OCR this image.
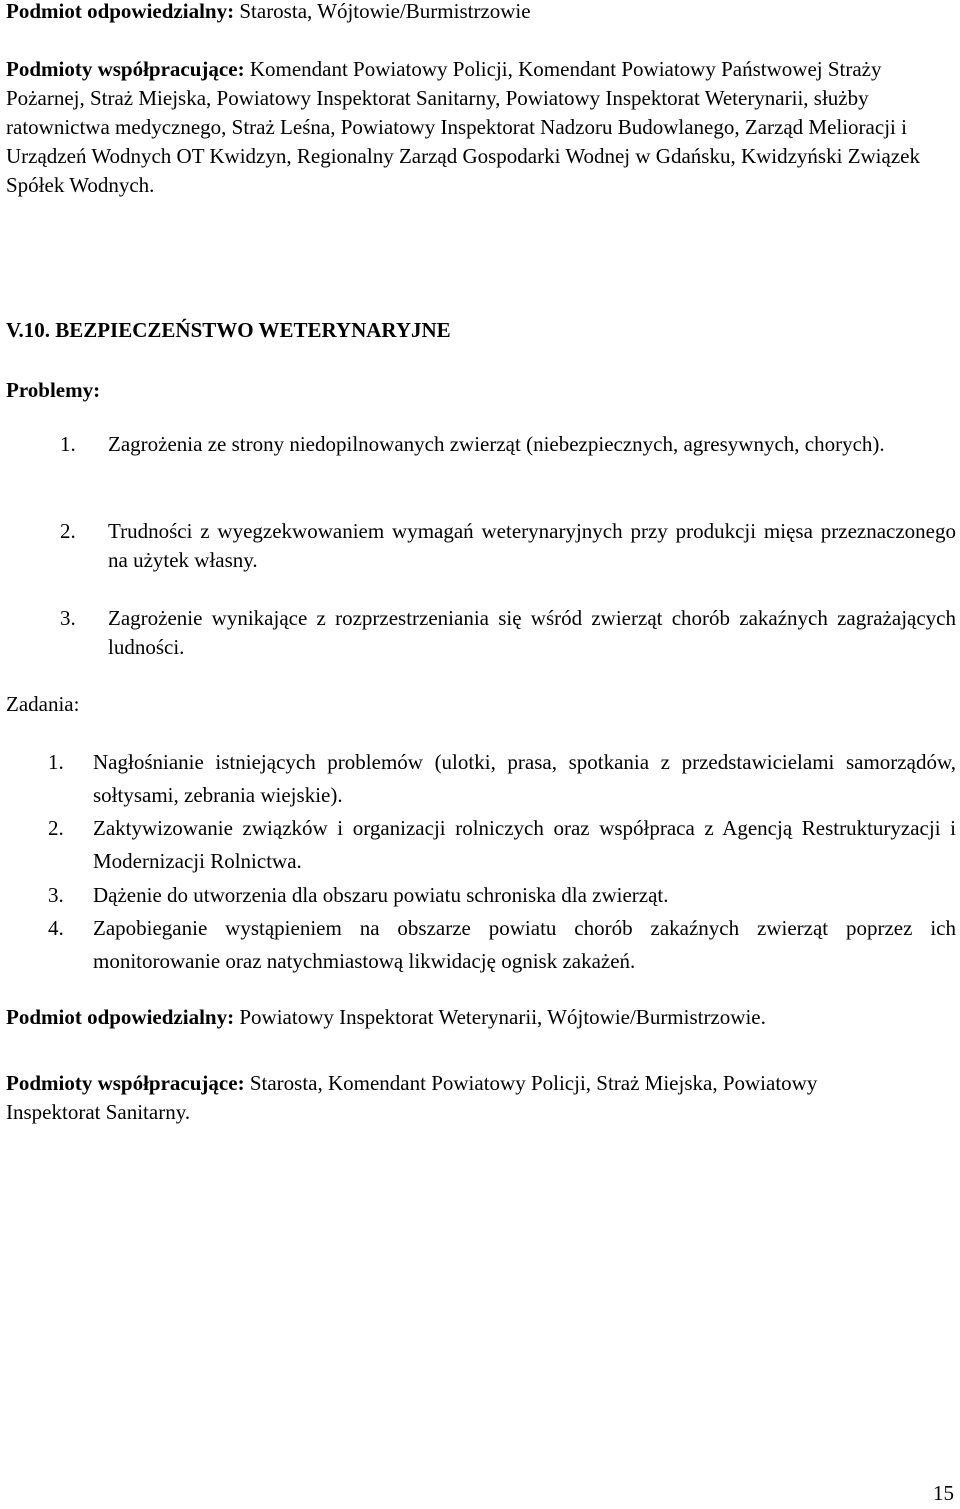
Podmiot odpowiedzialny: Starosta, Wójtowie/Burmistrzowie

Podmioty współpracujące: Komendant Powiatowy Policji, Komendant Powiatowy Państwowej Straży Pożarnej, Straż Miejska, Powiatowy Inspektorat Sanitarny, Powiatowy Inspektorat Weterynarii, służby ratownictwa medycznego, Straż Leśna, Powiatowy Inspektorat Nadzoru Budowlanego, Zarząd Melioracji i Urządzeń Wodnych OT Kwidzyn, Regionalny Zarząd Gospodarki Wodnej w Gdańsku, Kwidzyński Związek Spółek Wodnych.

V.10. BEZPIECZEŃSTWO WETERYNARYJNE

Problemy:

1.	Zagrożenia ze strony niedopilnowanych zwierząt (niebezpiecznych, agresywnych, chorych).
2.	Trudności z wyegzekwowaniem wymagań weterynaryjnych przy produkcji mięsa przeznaczonego na użytek własny.
3.	Zagrożenie wynikające z rozprzestrzeniania się wśród zwierząt chorób zakaźnych zagrażających ludności.

Zadania:

1.	Nagłośnianie istniejących problemów (ulotki, prasa, spotkania z przedstawicielami samorządów, sołtysami, zebrania wiejskie).
2.	Zaktywizowanie związków i organizacji rolniczych oraz współpraca z Agencją Restrukturyzacji i Modernizacji Rolnictwa.
3.	Dążenie do utworzenia dla obszaru powiatu schroniska dla zwierząt.
4.	Zapobieganie wystąpieniem na obszarze powiatu chorób zakaźnych zwierząt poprzez ich monitorowanie oraz natychmiastową likwidację ognisk zakażeń.

Podmiot odpowiedzialny: Powiatowy Inspektorat Weterynarii, Wójtowie/Burmistrzowie.

Podmioty współpracujące: Starosta, Komendant Powiatowy Policji, Straż Miejska, Powiatowy Inspektorat Sanitarny.

15
